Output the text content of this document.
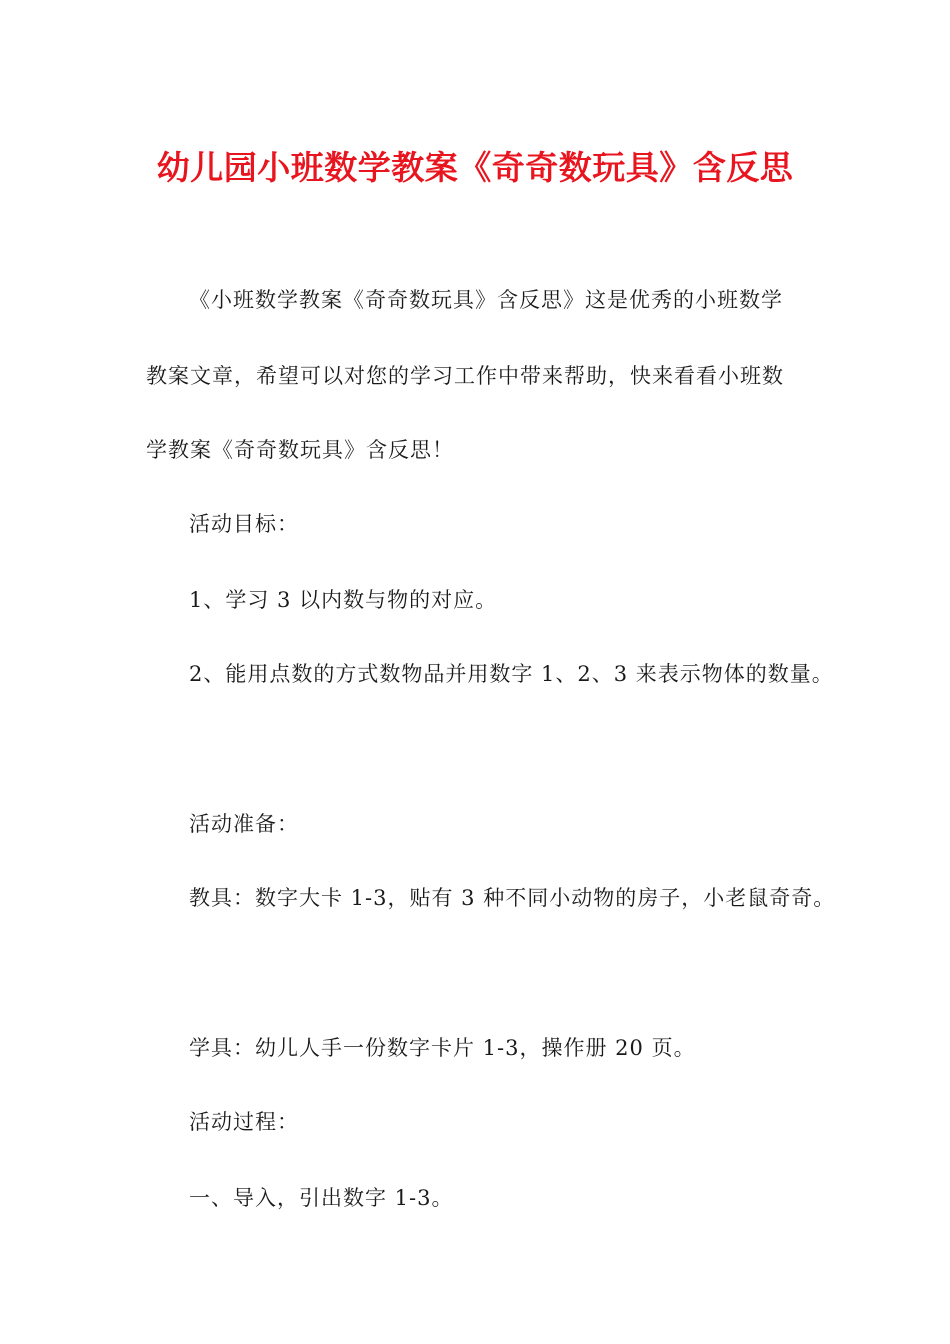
幼儿园小班数学教案《奇奇数玩具》含反思

《小班数学教案《奇奇数玩具》含反思》这是优秀的小班数学

教案文章，希望可以对您的学习工作中带来帮助，快来看看小班数

学教案《奇奇数玩具》含反思！

活动目标：

1、学习 3 以内数与物的对应。

2、能用点数的方式数物品并用数字 1、2、3 来表示物体的数量。

活动准备：

教具：数字大卡 1-3，贴有 3 种不同小动物的房子，小老鼠奇奇。

学具：幼儿人手一份数字卡片 1-3，操作册 20 页。

活动过程：

一、导入，引出数字 1-3。
